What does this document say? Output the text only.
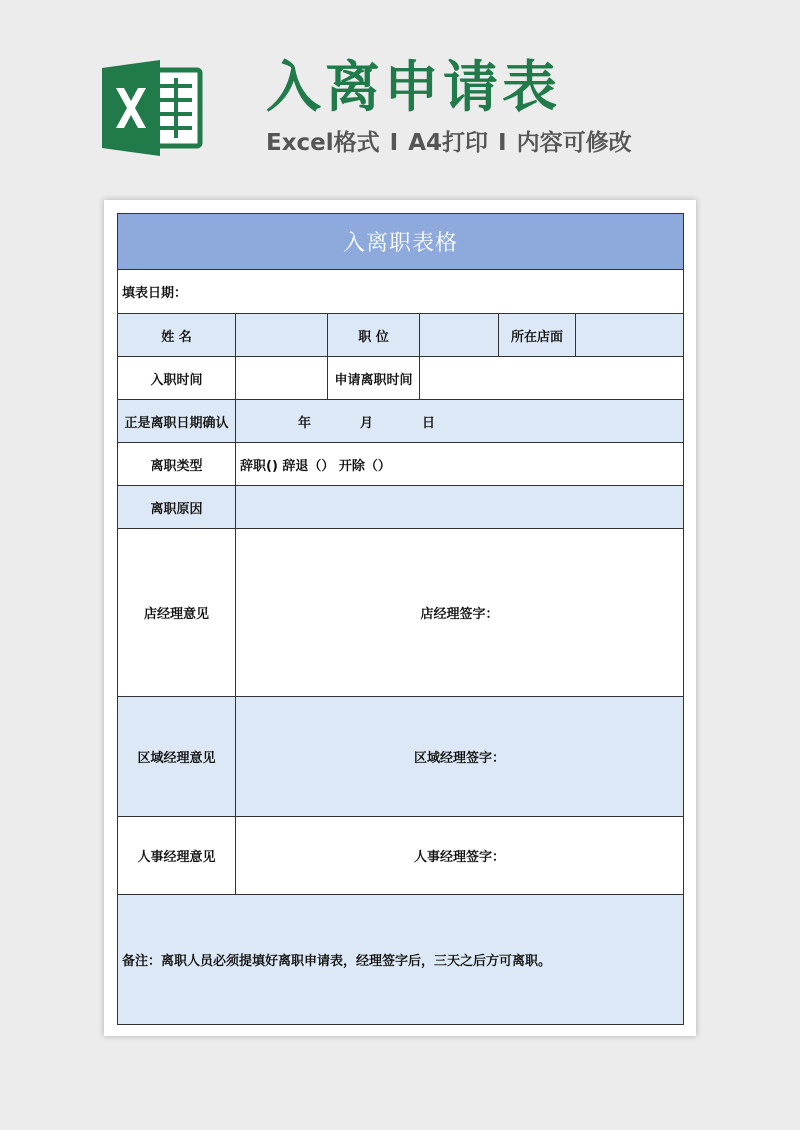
入离申请表

Excel格式 I A4打印 I 内容可修改

入离职表格					
填表日期：					
姓 名		职 位		所在店面	
入职时间		申请离职时间			
正是离职日期确认	年 月 日				
离职类型	辞职() 辞退（） 开除（）				
离职原因					
店经理意见	店经理签字：				
区域经理意见	区域经理签字：				
人事经理意见	人事经理签字：				
备注：离职人员必须提填好离职申请表，经理签字后，三天之后方可离职。					
